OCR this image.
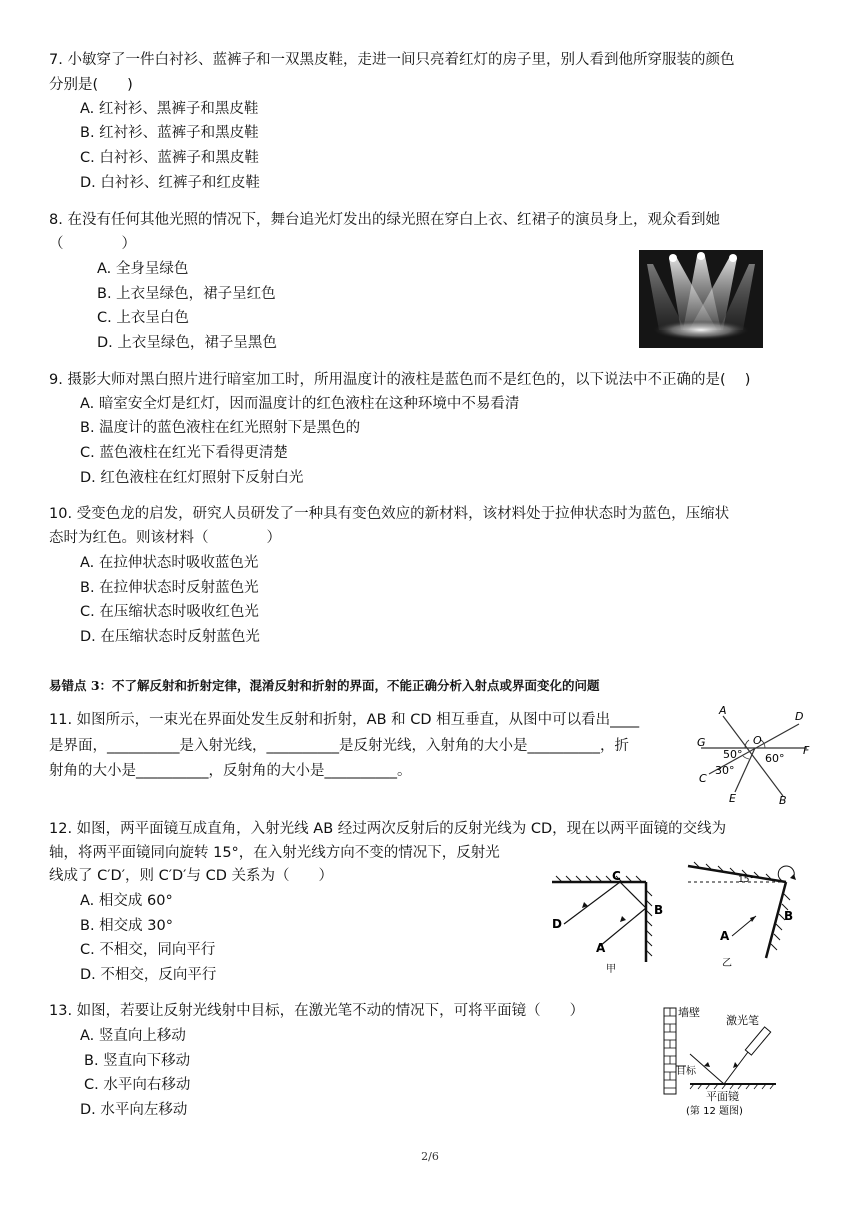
7. 小敏穿了一件白衬衫、蓝裤子和一双黑皮鞋，走进一间只亮着红灯的房子里，别人看到他所穿服装的颜色
分别是(　　)
A. 红衬衫、黑裤子和黑皮鞋
B. 红衬衫、蓝裤子和黑皮鞋
C. 白衬衫、蓝裤子和黑皮鞋
D. 白衬衫、红裤子和红皮鞋
8. 在没有任何其他光照的情况下，舞台追光灯发出的绿光照在穿白上衣、红裙子的演员身上，观众看到她
（　　　　）
A. 全身呈绿色
B. 上衣呈绿色，裙子呈红色
C. 上衣呈白色
D. 上衣呈绿色，裙子呈黑色
9. 摄影大师对黑白照片进行暗室加工时，所用温度计的液柱是蓝色而不是红色的，以下说法中不正确的是(　 )
A. 暗室安全灯是红灯，因而温度计的红色液柱在这种环境中不易看清
B. 温度计的蓝色液柱在红光照射下是黑色的
C. 蓝色液柱在红光下看得更清楚
D. 红色液柱在红灯照射下反射白光
10. 受变色龙的启发，研究人员研发了一种具有变色效应的新材料，该材料处于拉伸状态时为蓝色，压缩状
态时为红色。则该材料（　　　　）
A. 在拉伸状态时吸收蓝色光
B. 在拉伸状态时反射蓝色光
C. 在压缩状态时吸收红色光
D. 在压缩状态时反射蓝色光
易错点 3：不了解反射和折射定律，混淆反射和折射的界面，不能正确分析入射点或界面变化的问题
11. 如图所示，一束光在界面处发生反射和折射，AB 和 CD 相互垂直，从图中可以看出____
是界面，__________是入射光线，__________是反射光线，入射角的大小是__________，折
射角的大小是__________，反射角的大小是__________。
A	D
G	O
F
C
E	B
50° 60°
30°
12. 如图，两平面镜互成直角，入射光线 AB 经过两次反射后的反射光线为 CD，现在以两平面镜的交线为
轴，将两平面镜同向旋转 15°，在入射光线方向不变的情况下，反射光
线成了 C′D′，则 C′D′与 CD 关系为（　　）
A. 相交成 60°
B. 相交成 30°
C. 不相交，同向平行
D. 不相交，反向平行
C
B
D
A
甲
15°
A
B
乙
13. 如图，若要让反射光线射中目标，在激光笔不动的情况下，可将平面镜（　　）
A. 竖直向上移动
B. 竖直向下移动
C. 水平向右移动
D. 水平向左移动
墙壁
激光笔
目标
平面镜
(第 12 题图)
2/6
